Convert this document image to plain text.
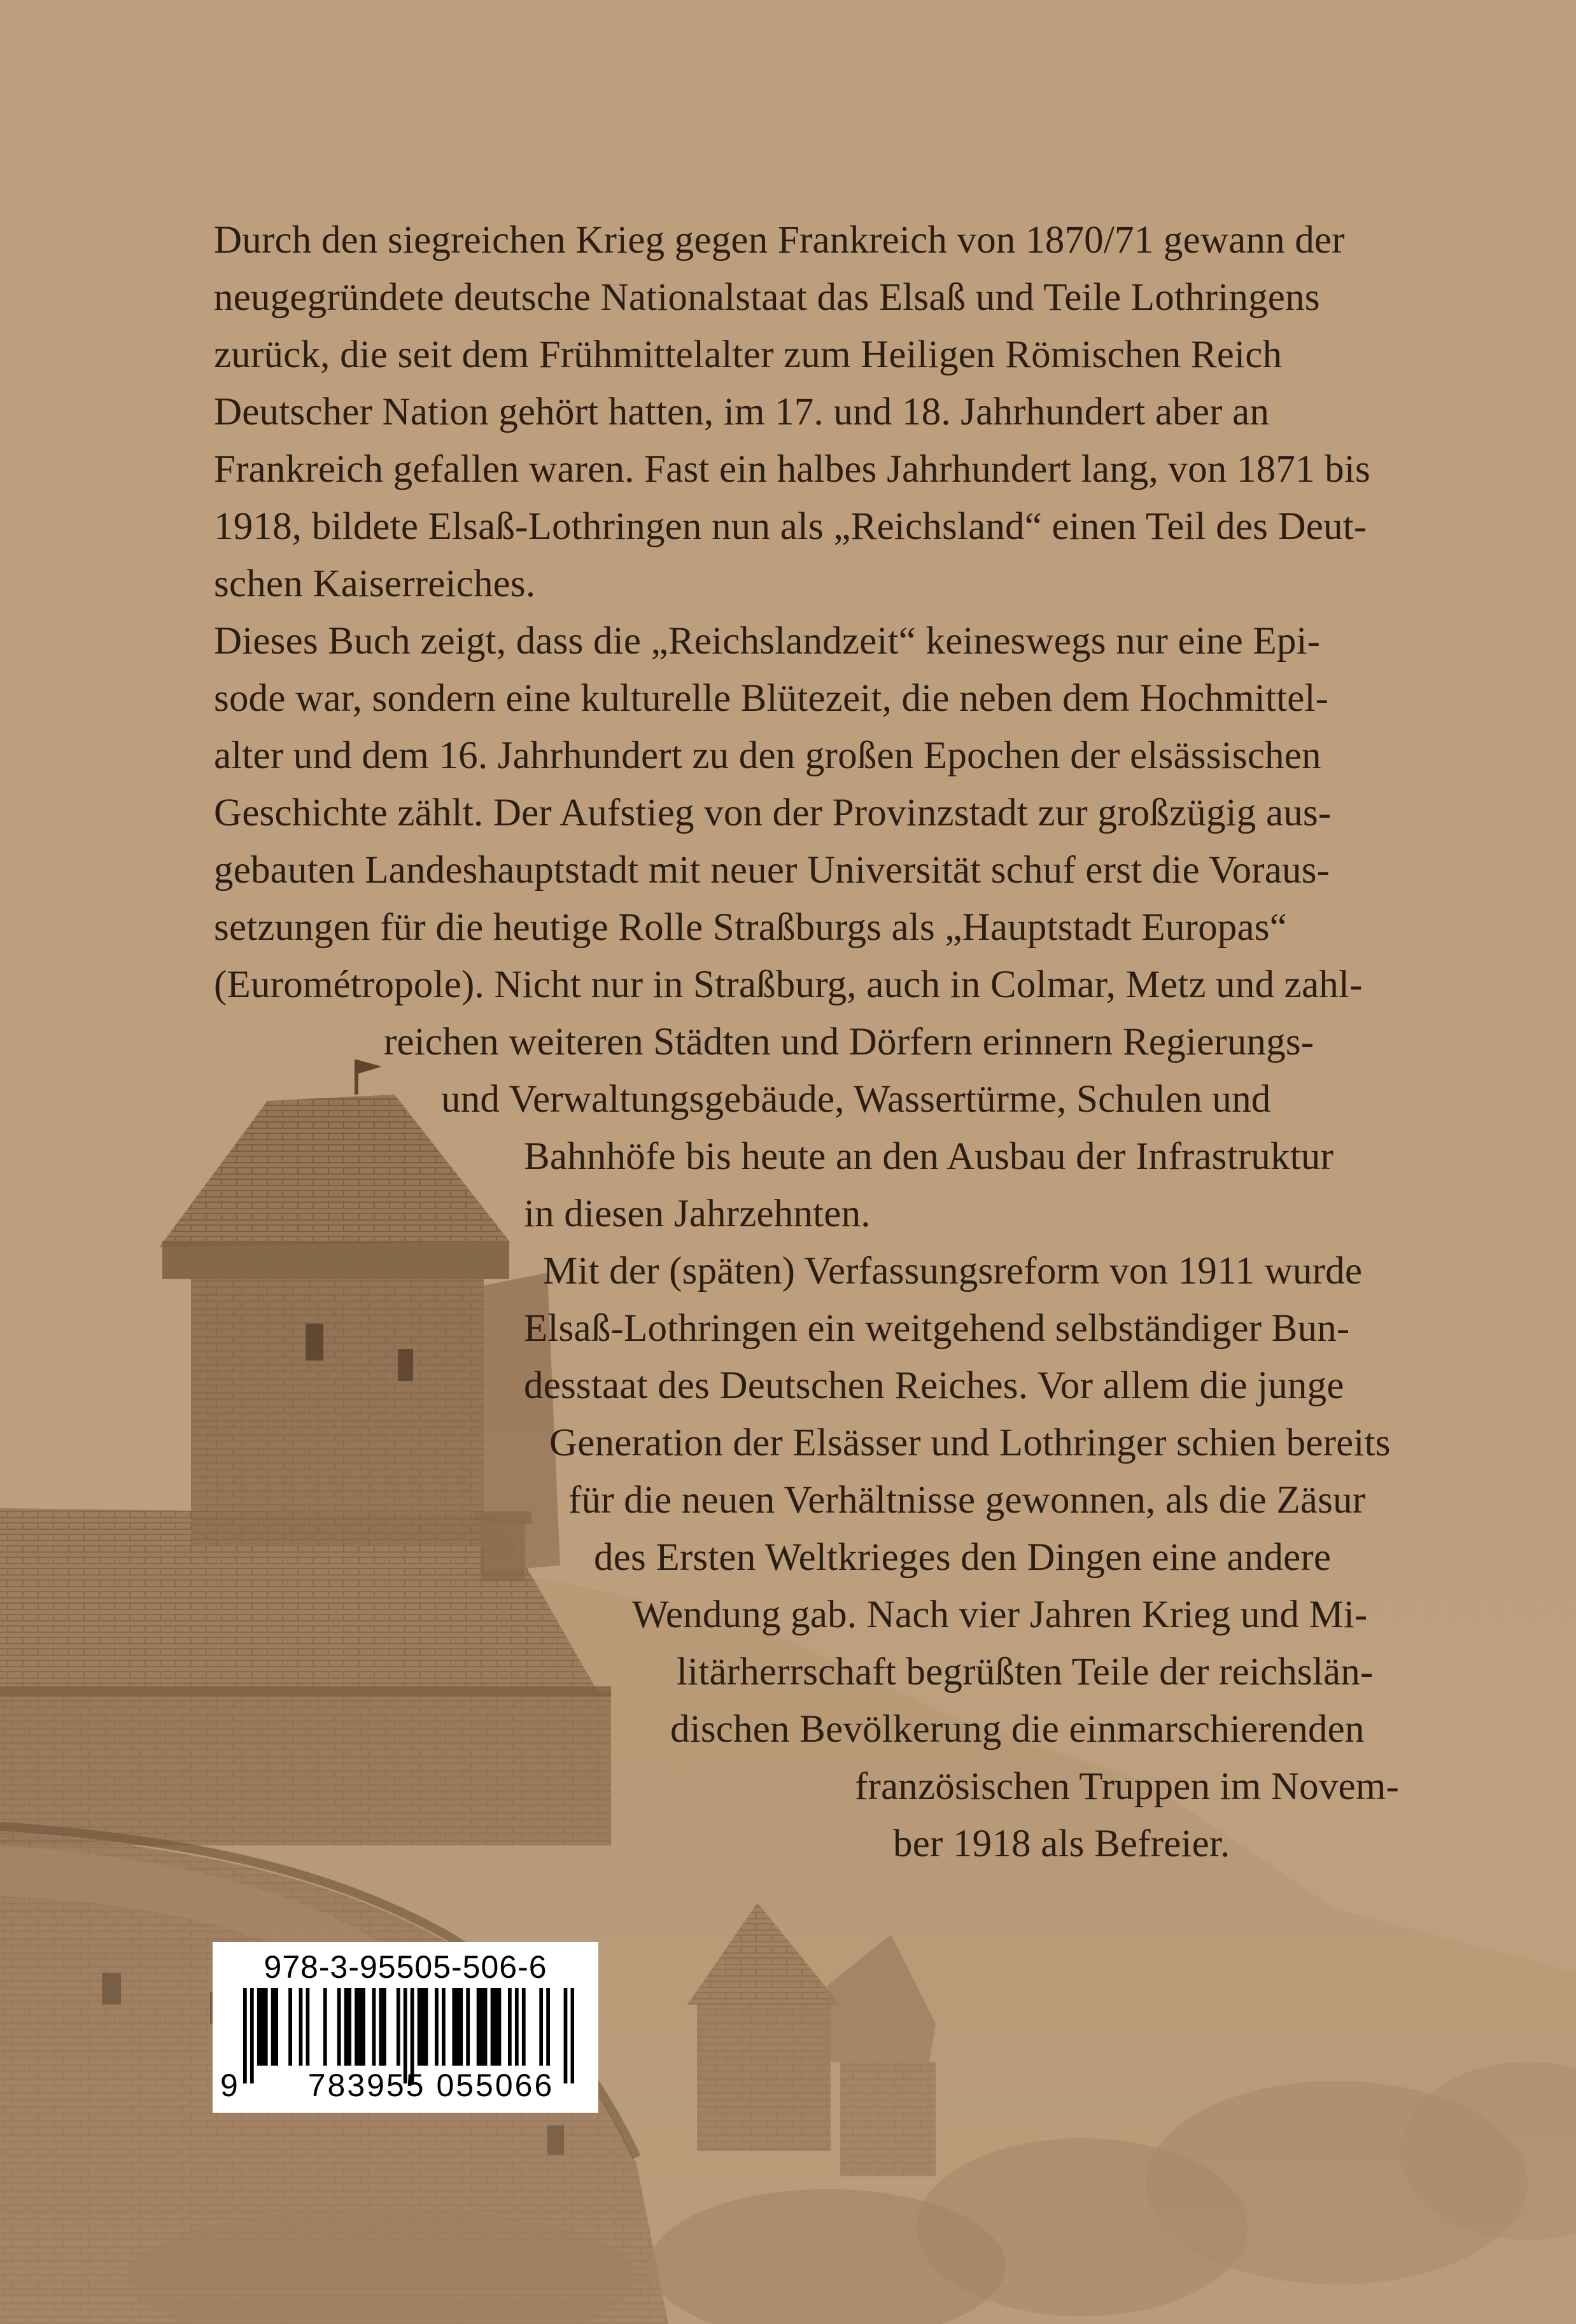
Durch den siegreichen Krieg gegen Frankreich von 1870/71 gewann der
neugegründete deutsche Nationalstaat das Elsaß und Teile Lothringens
zurück, die seit dem Frühmittelalter zum Heiligen Römischen Reich
Deutscher Nation gehört hatten, im 17. und 18. Jahrhundert aber an
Frankreich gefallen waren. Fast ein halbes Jahrhundert lang, von 1871 bis
1918, bildete Elsaß-Lothringen nun als „Reichsland“ einen Teil des Deut-
schen Kaiserreiches.
Dieses Buch zeigt, dass die „Reichslandzeit“ keineswegs nur eine Epi-
sode war, sondern eine kulturelle Blütezeit, die neben dem Hochmittel-
alter und dem 16. Jahrhundert zu den großen Epochen der elsässischen
Geschichte zählt. Der Aufstieg von der Provinzstadt zur großzügig aus-
gebauten Landeshauptstadt mit neuer Universität schuf erst die Voraus-
setzungen für die heutige Rolle Straßburgs als „Hauptstadt Europas“
(Eurométropole). Nicht nur in Straßburg, auch in Colmar, Metz und zahl-
reichen weiteren Städten und Dörfern erinnern Regierungs-
und Verwaltungsgebäude, Wassertürme, Schulen und
Bahnhöfe bis heute an den Ausbau der Infrastruktur
in diesen Jahrzehnten.
Mit der (späten) Verfassungsreform von 1911 wurde
Elsaß-Lothringen ein weitgehend selbständiger Bun-
desstaat des Deutschen Reiches. Vor allem die junge
Generation der Elsässer und Lothringer schien bereits
für die neuen Verhältnisse gewonnen, als die Zäsur
des Ersten Weltkrieges den Dingen eine andere
Wendung gab. Nach vier Jahren Krieg und Mi-
litärherrschaft begrüßten Teile der reichslän-
dischen Bevölkerung die einmarschierenden
französischen Truppen im Novem-
ber 1918 als Befreier.
978-3-95505-506-6
9	783955 055066
